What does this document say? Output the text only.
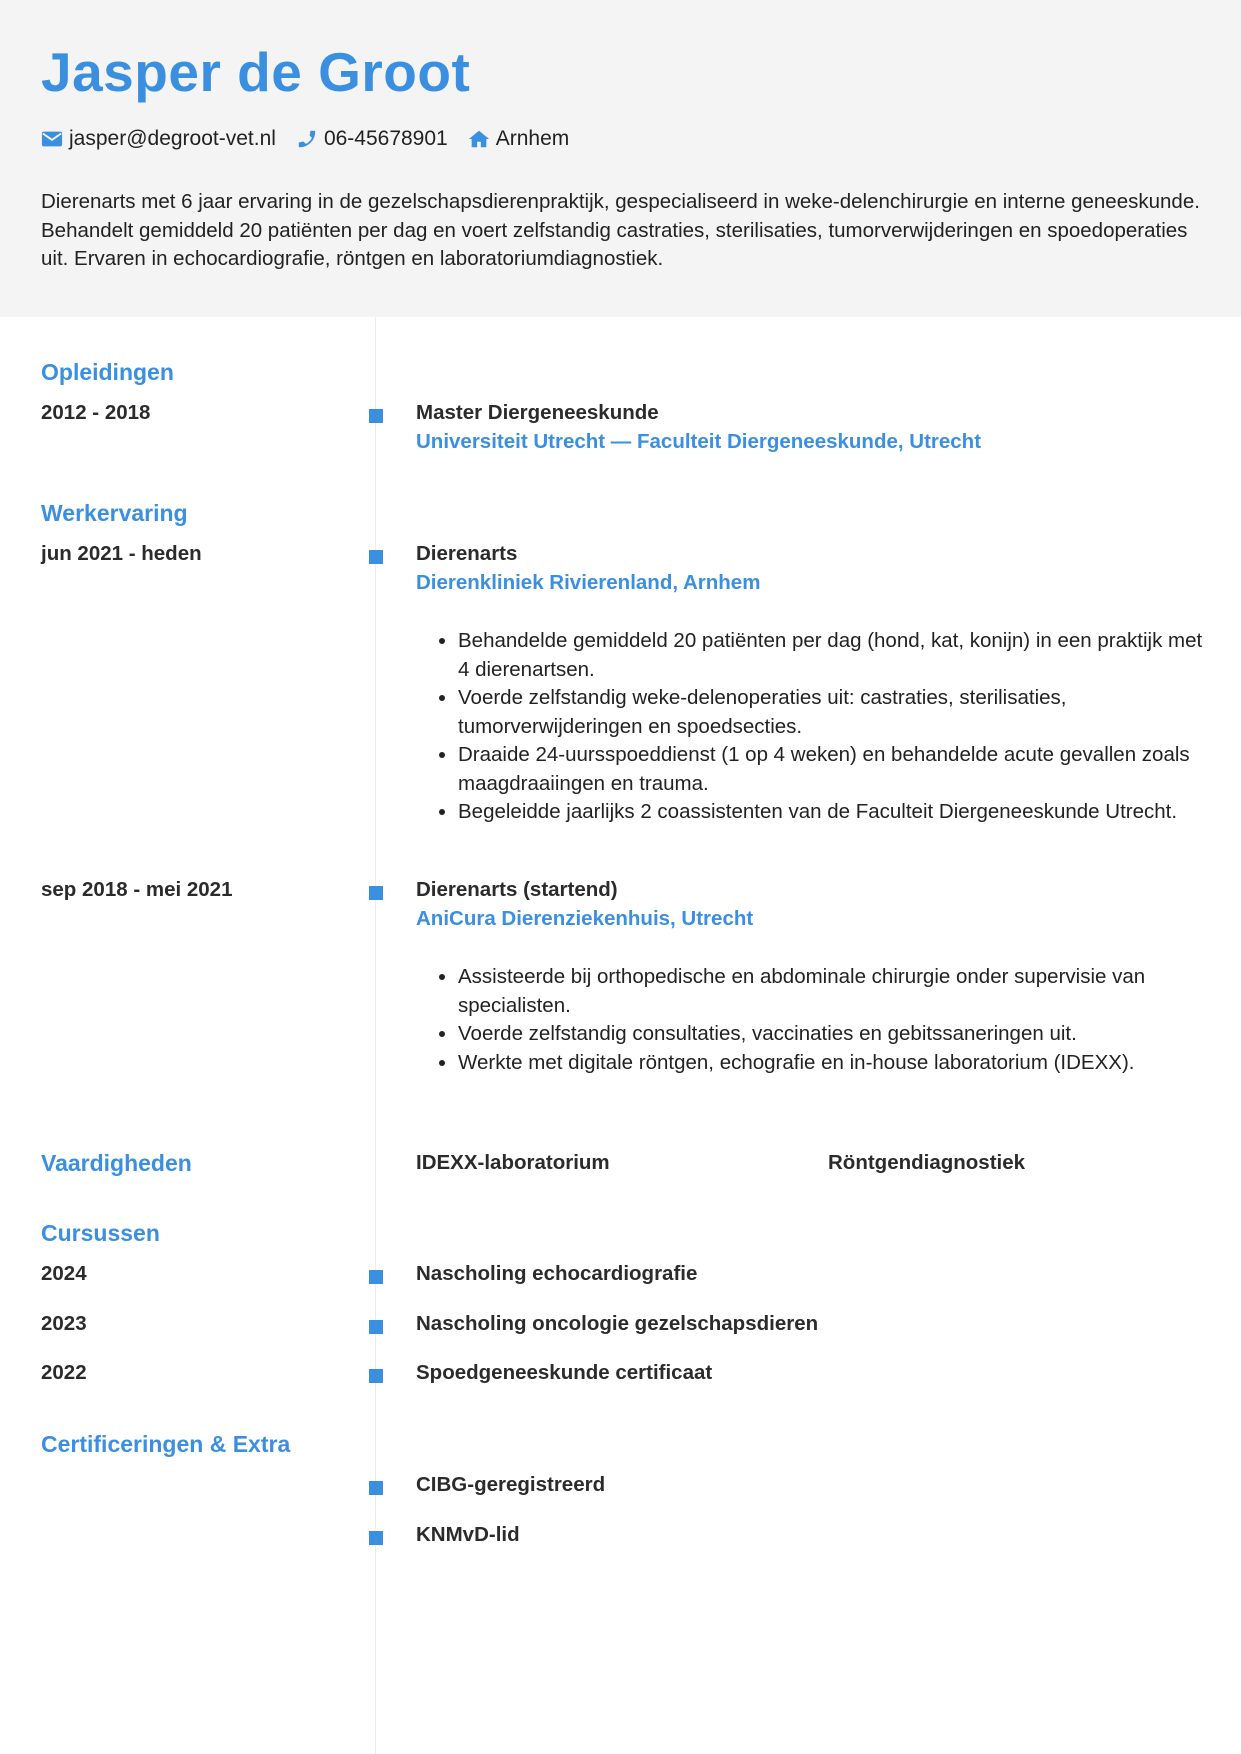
Jasper de Groot
jasper@degroot-vet.nl 06-45678901 Arnhem

Dierenarts met 6 jaar ervaring in de gezelschapsdierenpraktijk, gespecialiseerd in weke-delenchirurgie en interne geneeskunde. Behandelt gemiddeld 20 patiënten per dag en voert zelfstandig castraties, sterilisaties, tumorverwijderingen en spoedoperaties uit. Ervaren in echocardiografie, röntgen en laboratoriumdiagnostiek.

Opleidingen
2012 - 2018	Master Diergeneeskunde
Universiteit Utrecht — Faculteit Diergeneeskunde, Utrecht
Werkervaring
jun 2021 - heden	Dierenarts
Dierenkliniek Rivierenland, Arnhem
• Behandelde gemiddeld 20 patiënten per dag (hond, kat, konijn) in een praktijk met 4 dierenartsen.
• Voerde zelfstandig weke-delenoperaties uit: castraties, sterilisaties, tumorverwijderingen en spoedsecties.
• Draaide 24-uursspoeddienst (1 op 4 weken) en behandelde acute gevallen zoals maagdraaiingen en trauma.
• Begeleidde jaarlijks 2 coassistenten van de Faculteit Diergeneeskunde Utrecht.
sep 2018 - mei 2021	Dierenarts (startend)
AniCura Dierenziekenhuis, Utrecht
• Assisteerde bij orthopedische en abdominale chirurgie onder supervisie van specialisten.
• Voerde zelfstandig consultaties, vaccinaties en gebitssaneringen uit.
• Werkte met digitale röntgen, echografie en in-house laboratorium (IDEXX).
Vaardigheden	IDEXX-laboratorium	Röntgendiagnostiek
Cursussen
2024	Nascholing echocardiografie
2023	Nascholing oncologie gezelschapsdieren
2022	Spoedgeneeskunde certificaat
Certificeringen & Extra
CIBG-geregistreerd
KNMvD-lid
